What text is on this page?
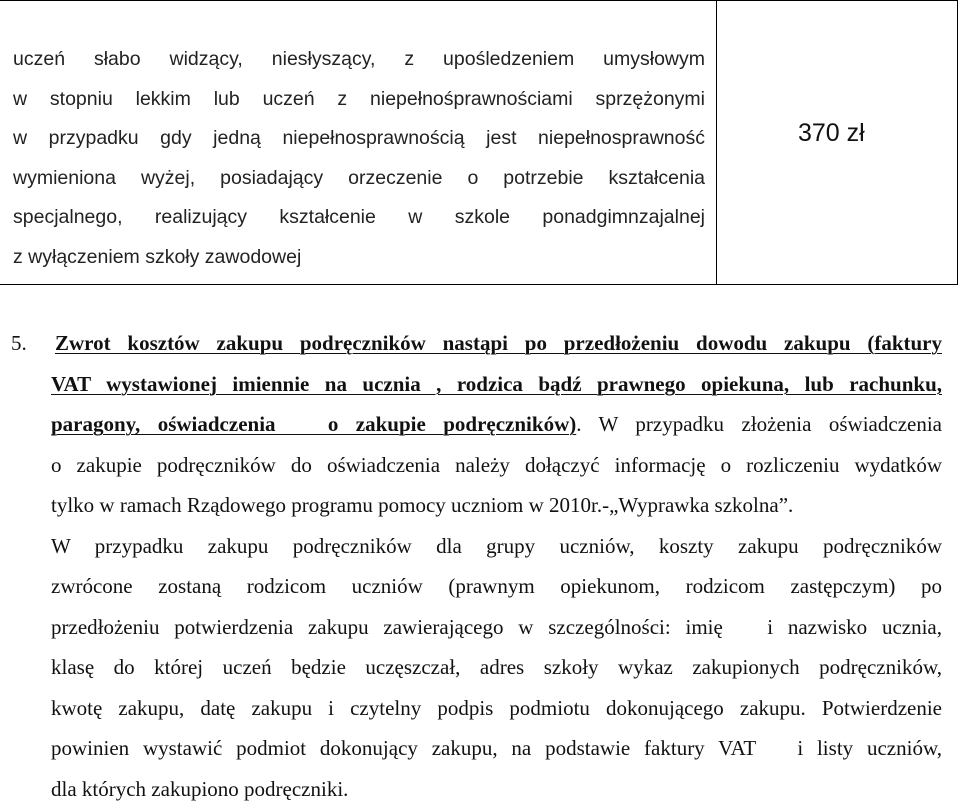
uczeń słabo widzący, niesłyszący, z upośledzeniem umysłowym
w stopniu lekkim lub uczeń z niepełnośprawnościami sprzężonymi
w przypadku gdy jedną niepełnosprawnością jest niepełnosprawność
wymieniona wyżej, posiadający orzeczenie o potrzebie kształcenia
specjalnego, realizujący kształcenie w szkole ponadgimnzajalnej
z wyłączeniem szkoły zawodowej
370 zł
5. Zwrot kosztów zakupu podręczników nastąpi po przedłożeniu dowodu zakupu (faktury
VAT wystawionej imiennie na ucznia , rodzica bądź prawnego opiekuna, lub rachunku,
paragony, oświadczenia   o zakupie podręczników). W przypadku złożenia oświadczenia
o zakupie podręczników do oświadczenia należy dołączyć informację o rozliczeniu wydatków
tylko w ramach Rządowego programu pomocy uczniom w 2010r.-„Wyprawka szkolna”.
W przypadku zakupu podręczników dla grupy uczniów, koszty zakupu podręczników
zwrócone zostaną rodzicom uczniów (prawnym opiekunom, rodzicom zastępczym) po
przedłożeniu potwierdzenia zakupu zawierającego w szczególności: imię   i nazwisko ucznia,
klasę do której uczeń będzie uczęszczał, adres szkoły wykaz zakupionych podręczników,
kwotę zakupu, datę zakupu i czytelny podpis podmiotu dokonującego zakupu. Potwierdzenie
powinien wystawić podmiot dokonujący zakupu, na podstawie faktury VAT   i listy uczniów,
dla których zakupiono podręczniki.
